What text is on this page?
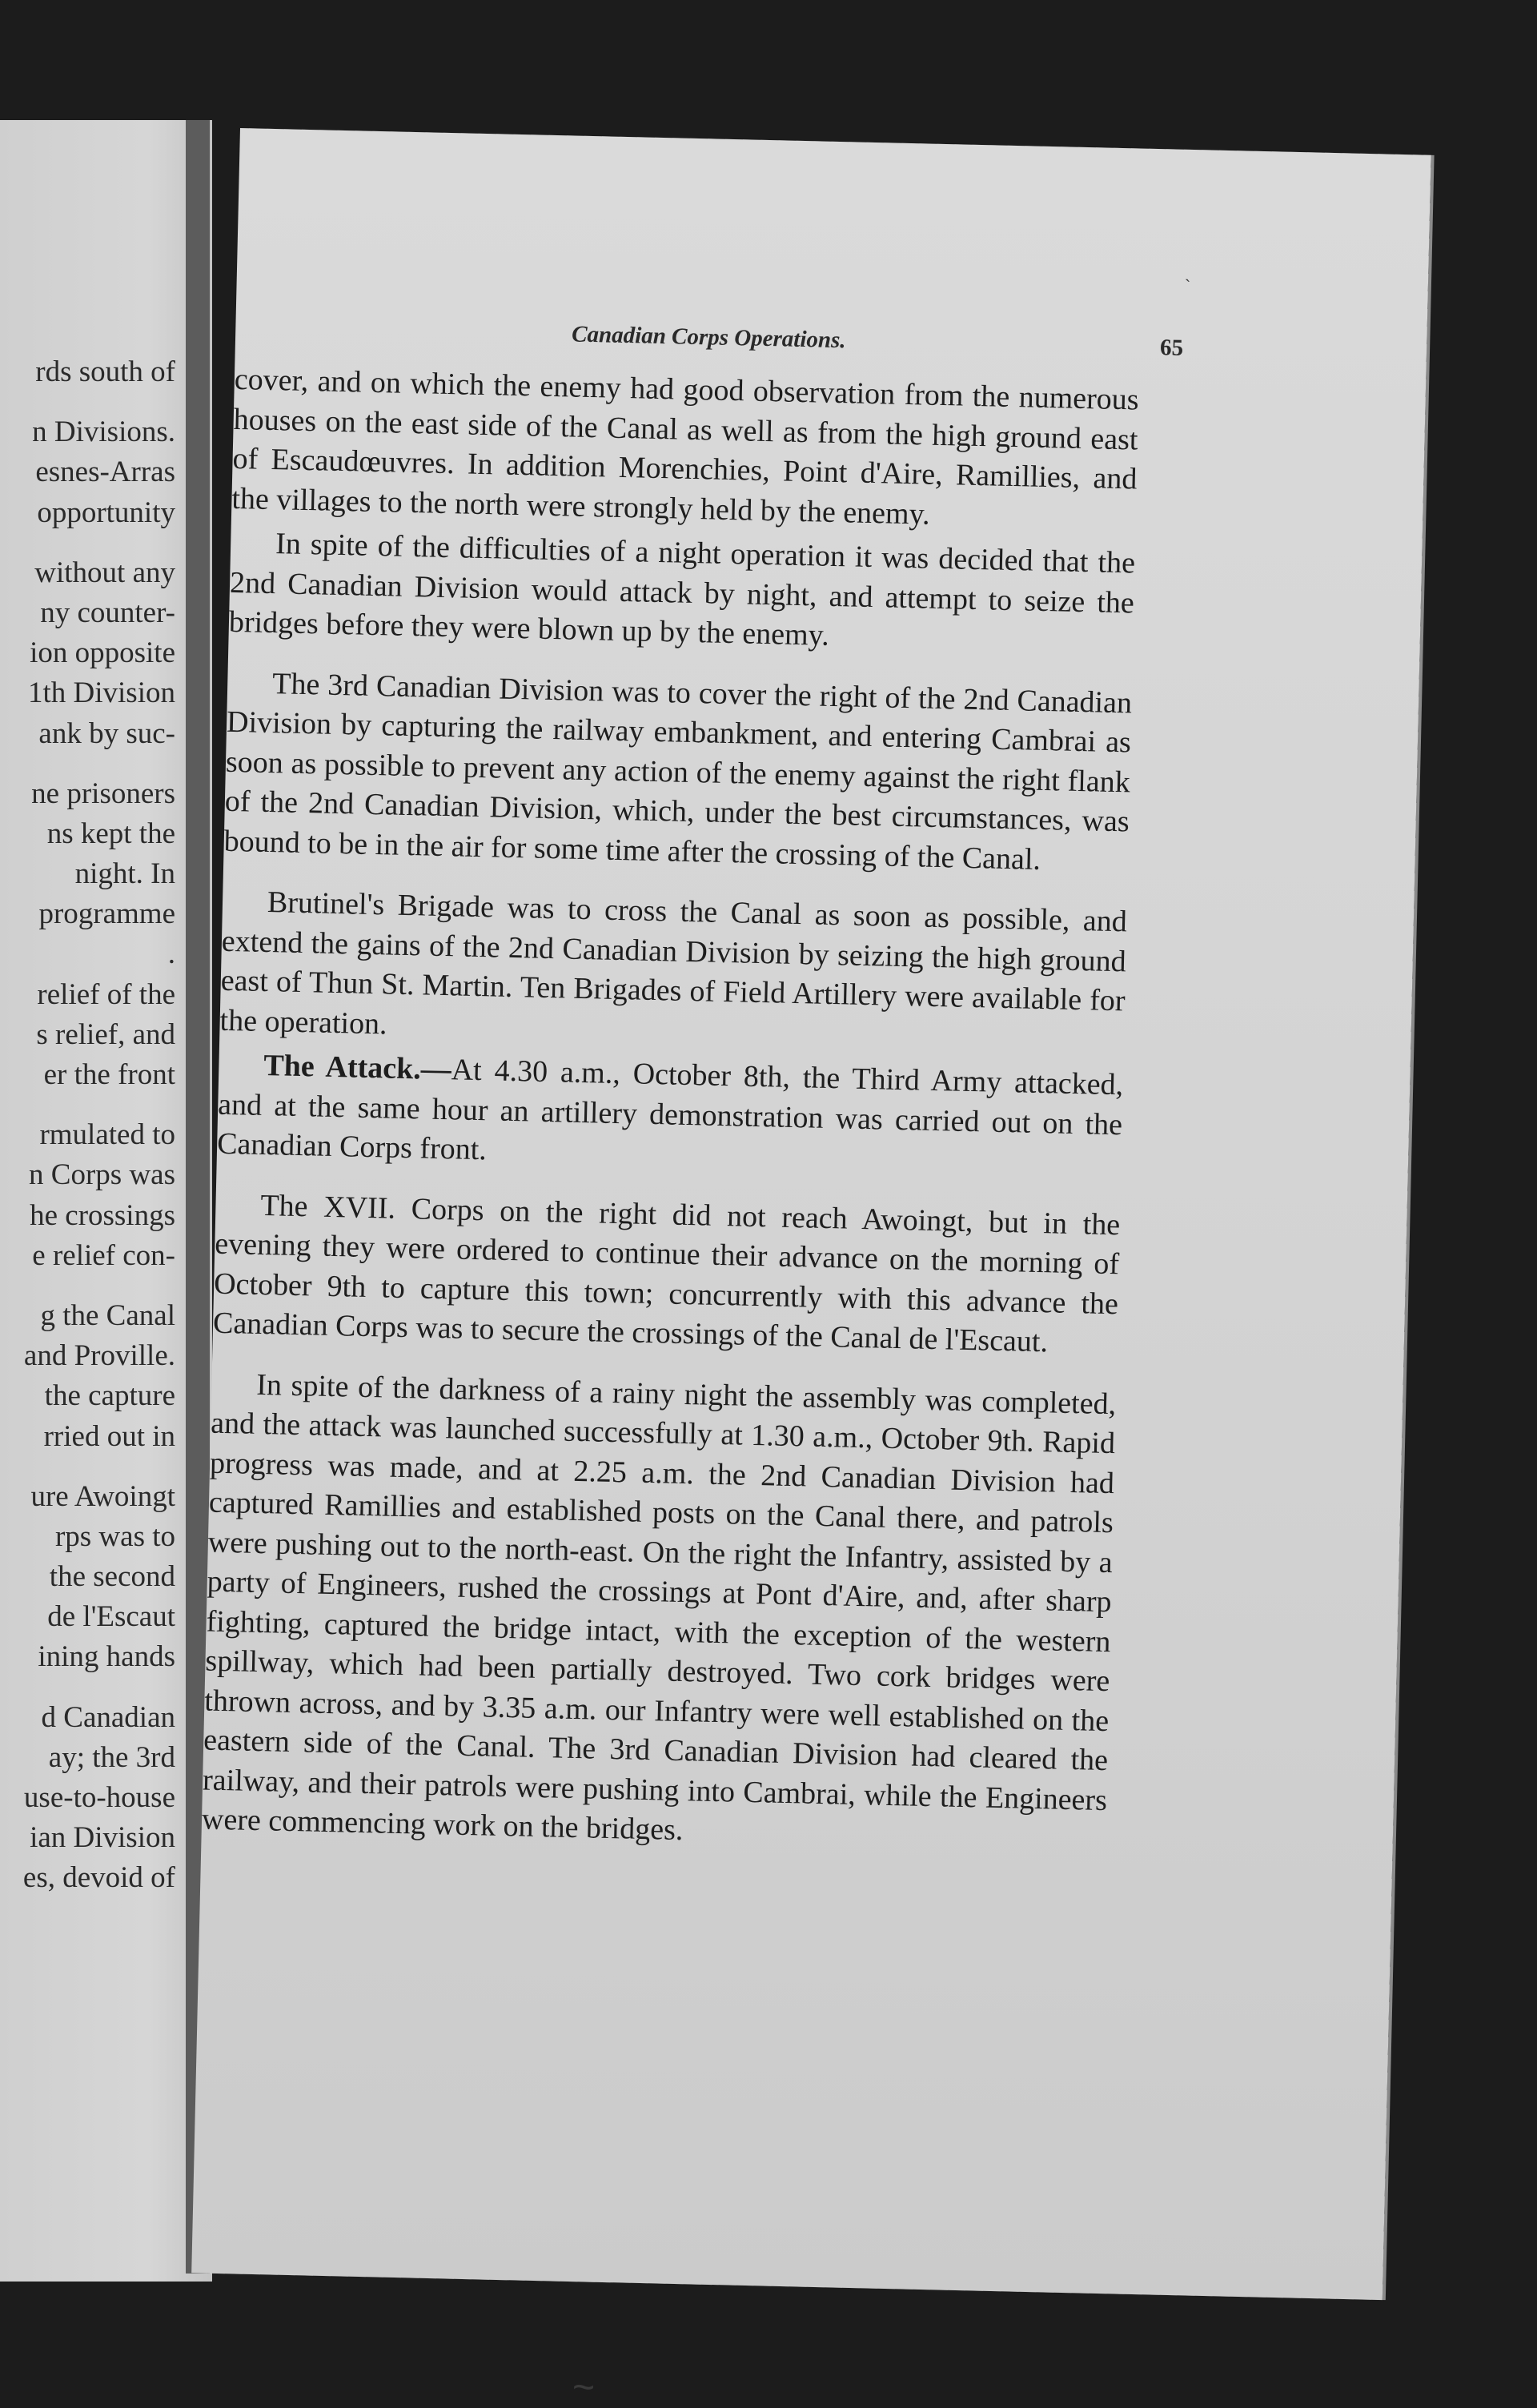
rds south of
n Divisions.
esnes-Arras
opportunity
without any
ny counter-
ion opposite
1th Division
ank by suc-
ne prisoners
ns kept the
night. In
programme
.
relief of the
s relief, and
er the front
rmulated to
n Corps was
he crossings
e relief con-
g the Canal
and Proville.
the capture
rried out in
ure Awoingt
rps was to
the second
de l'Escaut
ining hands
d Canadian
ay; the 3rd
use-to-house
ian Division
es, devoid of
Canadian Corps Operations.	65

cover, and on which the enemy had good observation from the numerous houses on the east side of the Canal as well as from the high ground east of Escaudœuvres. In addition Morenchies, Point d'Aire, Ramillies, and the villages to the north were strongly held by the enemy.

In spite of the difficulties of a night operation it was decided that the 2nd Canadian Division would attack by night, and attempt to seize the bridges before they were blown up by the enemy.

The 3rd Canadian Division was to cover the right of the 2nd Canadian Division by capturing the railway embankment, and entering Cambrai as soon as possible to prevent any action of the enemy against the right flank of the 2nd Canadian Division, which, under the best circumstances, was bound to be in the air for some time after the crossing of the Canal.

Brutinel's Brigade was to cross the Canal as soon as possible, and extend the gains of the 2nd Canadian Division by seizing the high ground east of Thun St. Martin. Ten Brigades of Field Artillery were available for the operation.

The Attack.—At 4.30 a.m., October 8th, the Third Army attacked, and at the same hour an artillery demonstration was carried out on the Canadian Corps front.

The XVII. Corps on the right did not reach Awoingt, but in the evening they were ordered to continue their advance on the morning of October 9th to capture this town; concurrently with this advance the Canadian Corps was to secure the crossings of the Canal de l'Escaut.

In spite of the darkness of a rainy night the assembly was completed, and the attack was launched successfully at 1.30 a.m., October 9th. Rapid progress was made, and at 2.25 a.m. the 2nd Canadian Division had captured Ramillies and established posts on the Canal there, and patrols were pushing out to the north-east. On the right the Infantry, assisted by a party of Engineers, rushed the crossings at Pont d'Aire, and, after sharp fighting, captured the bridge intact, with the exception of the western spillway, which had been partially destroyed. Two cork bridges were thrown across, and by 3.35 a.m. our Infantry were well established on the eastern side of the Canal. The 3rd Canadian Division had cleared the railway, and their patrols were pushing into Cambrai, while the Engineers were commencing work on the bridges.

`
~
